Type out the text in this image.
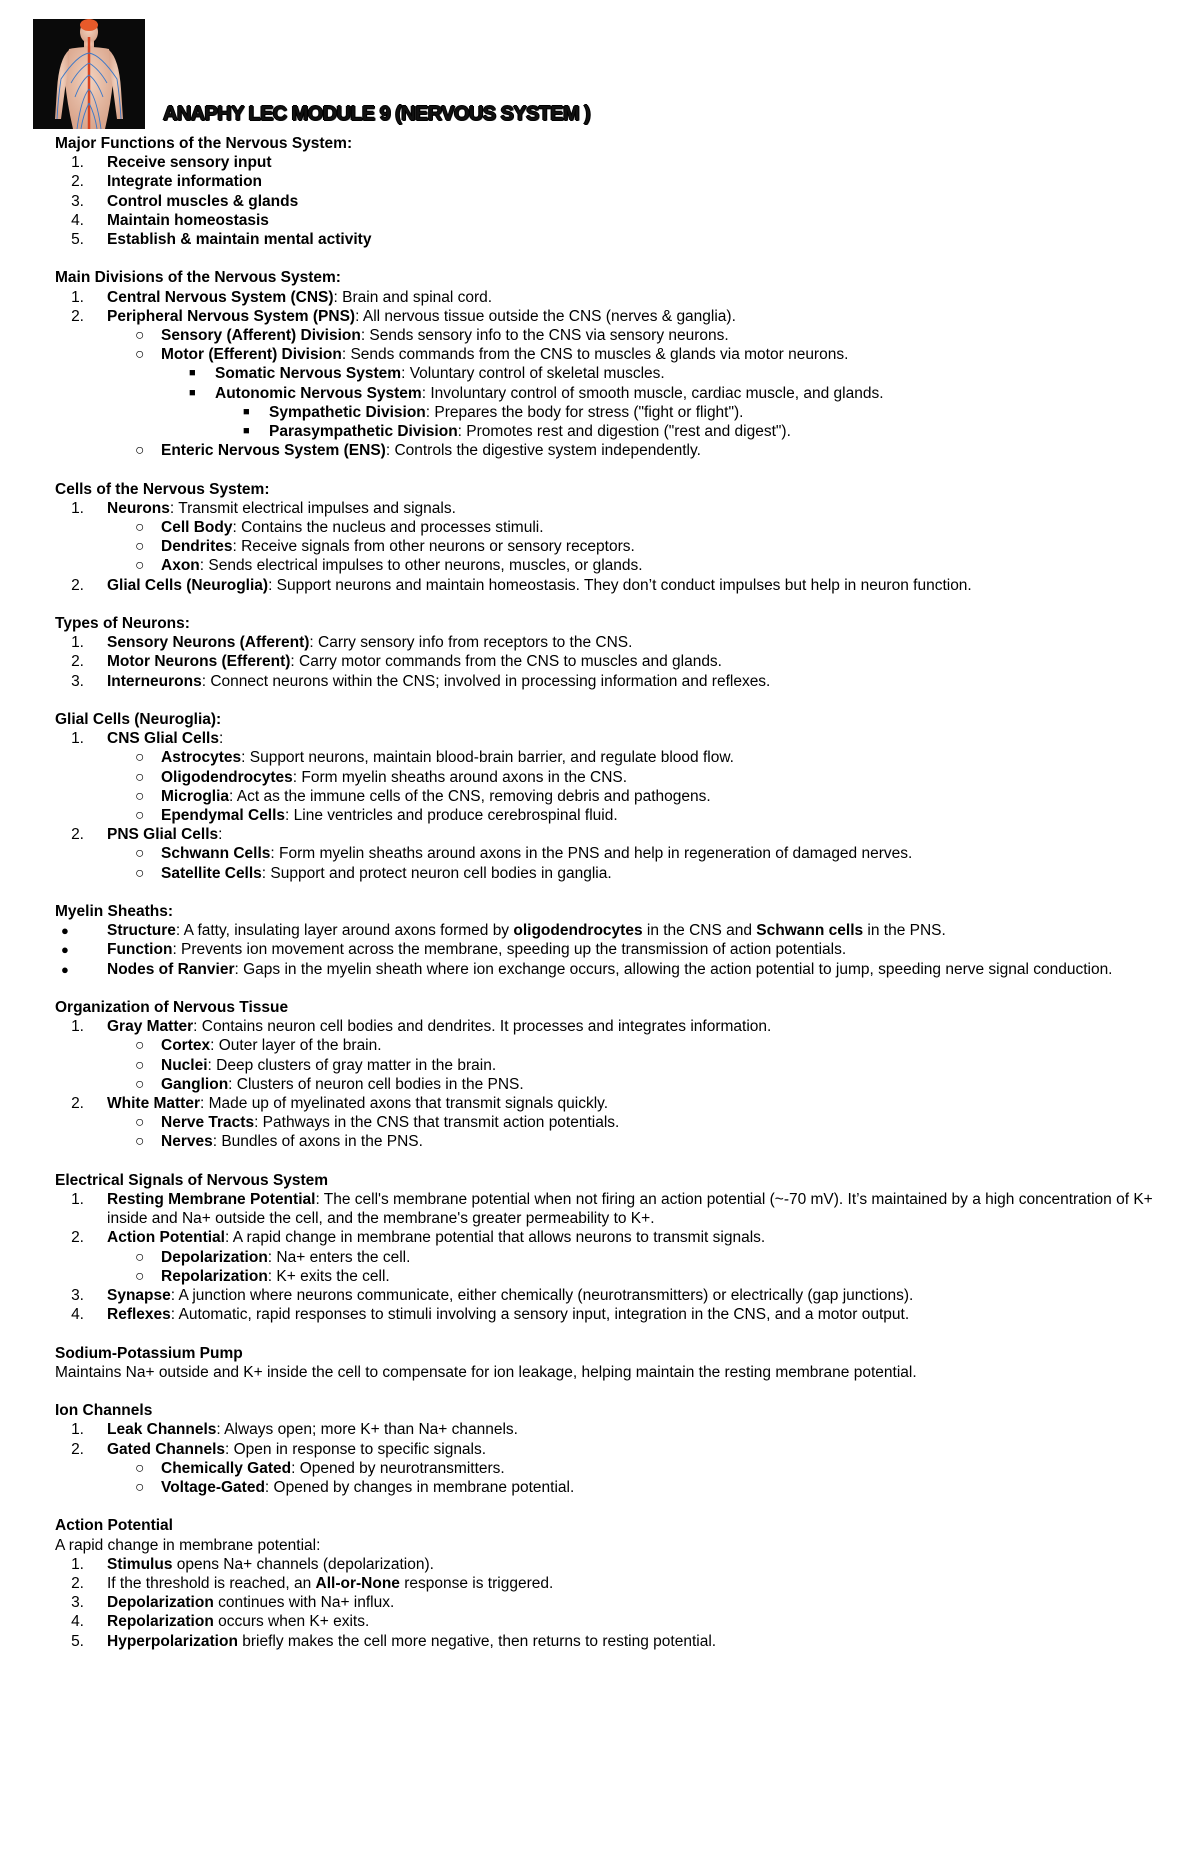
ANAPHY LEC MODULE 9 (NERVOUS SYSTEM )
Major Functions of the Nervous System:
1. Receive sensory input
2. Integrate information
3. Control muscles & glands
4. Maintain homeostasis
5. Establish & maintain mental activity
Main Divisions of the Nervous System:
1. Central Nervous System (CNS): Brain and spinal cord.
2. Peripheral Nervous System (PNS): All nervous tissue outside the CNS (nerves & ganglia).
○ Sensory (Afferent) Division: Sends sensory info to the CNS via sensory neurons.
○ Motor (Efferent) Division: Sends commands from the CNS to muscles & glands via motor neurons.
■ Somatic Nervous System: Voluntary control of skeletal muscles.
■ Autonomic Nervous System: Involuntary control of smooth muscle, cardiac muscle, and glands.
■ Sympathetic Division: Prepares the body for stress ("fight or flight").
■ Parasympathetic Division: Promotes rest and digestion ("rest and digest").
○ Enteric Nervous System (ENS): Controls the digestive system independently.
Cells of the Nervous System:
1. Neurons: Transmit electrical impulses and signals.
○ Cell Body: Contains the nucleus and processes stimuli.
○ Dendrites: Receive signals from other neurons or sensory receptors.
○ Axon: Sends electrical impulses to other neurons, muscles, or glands.
2. Glial Cells (Neuroglia): Support neurons and maintain homeostasis. They don’t conduct impulses but help in neuron function.
Types of Neurons:
1. Sensory Neurons (Afferent): Carry sensory info from receptors to the CNS.
2. Motor Neurons (Efferent): Carry motor commands from the CNS to muscles and glands.
3. Interneurons: Connect neurons within the CNS; involved in processing information and reflexes.
Glial Cells (Neuroglia):
1. CNS Glial Cells:
○ Astrocytes: Support neurons, maintain blood-brain barrier, and regulate blood flow.
○ Oligodendrocytes: Form myelin sheaths around axons in the CNS.
○ Microglia: Act as the immune cells of the CNS, removing debris and pathogens.
○ Ependymal Cells: Line ventricles and produce cerebrospinal fluid.
2. PNS Glial Cells:
○ Schwann Cells: Form myelin sheaths around axons in the PNS and help in regeneration of damaged nerves.
○ Satellite Cells: Support and protect neuron cell bodies in ganglia.
Myelin Sheaths:
● Structure: A fatty, insulating layer around axons formed by oligodendrocytes in the CNS and Schwann cells in the PNS.
● Function: Prevents ion movement across the membrane, speeding up the transmission of action potentials.
● Nodes of Ranvier: Gaps in the myelin sheath where ion exchange occurs, allowing the action potential to jump, speeding nerve signal conduction.
Organization of Nervous Tissue
1. Gray Matter: Contains neuron cell bodies and dendrites. It processes and integrates information.
○ Cortex: Outer layer of the brain.
○ Nuclei: Deep clusters of gray matter in the brain.
○ Ganglion: Clusters of neuron cell bodies in the PNS.
2. White Matter: Made up of myelinated axons that transmit signals quickly.
○ Nerve Tracts: Pathways in the CNS that transmit action potentials.
○ Nerves: Bundles of axons in the PNS.
Electrical Signals of Nervous System
1. Resting Membrane Potential: The cell's membrane potential when not firing an action potential (~-70 mV). It’s maintained by a high concentration of K+ inside and Na+ outside the cell, and the membrane's greater permeability to K+.
2. Action Potential: A rapid change in membrane potential that allows neurons to transmit signals.
○ Depolarization: Na+ enters the cell.
○ Repolarization: K+ exits the cell.
3. Synapse: A junction where neurons communicate, either chemically (neurotransmitters) or electrically (gap junctions).
4. Reflexes: Automatic, rapid responses to stimuli involving a sensory input, integration in the CNS, and a motor output.
Sodium-Potassium Pump
Maintains Na+ outside and K+ inside the cell to compensate for ion leakage, helping maintain the resting membrane potential.
Ion Channels
1. Leak Channels: Always open; more K+ than Na+ channels.
2. Gated Channels: Open in response to specific signals.
○ Chemically Gated: Opened by neurotransmitters.
○ Voltage-Gated: Opened by changes in membrane potential.
Action Potential
A rapid change in membrane potential:
1. Stimulus opens Na+ channels (depolarization).
2. If the threshold is reached, an All-or-None response is triggered.
3. Depolarization continues with Na+ influx.
4. Repolarization occurs when K+ exits.
5. Hyperpolarization briefly makes the cell more negative, then returns to resting potential.
